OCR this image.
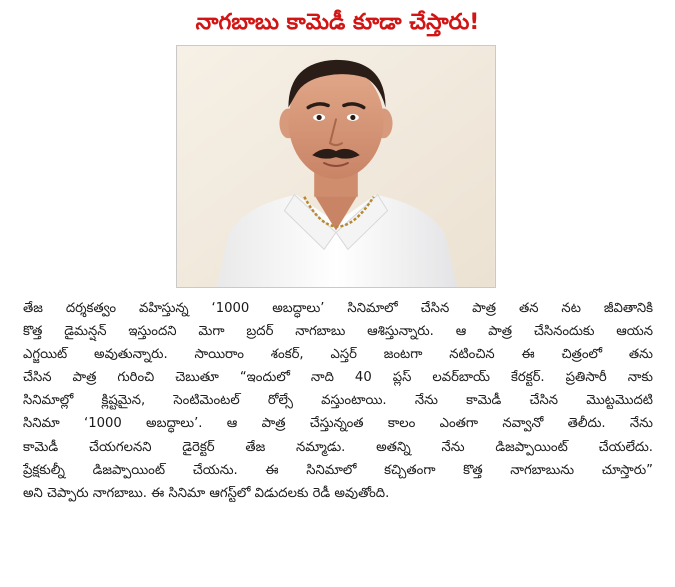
నాగబాబు కామెడీ కూడా చేస్తారు!
తేజ దర్శకత్వం వహిస్తున్న ‘1000 అబద్ధాలు’ సినిమాలో చేసిన పాత్ర తన నట జీవితానికి
కొత్త డైమన్షన్ ఇస్తుందని మెగా బ్రదర్ నాగబాబు ఆశిస్తున్నారు. ఆ పాత్ర చేసినందుకు ఆయన
ఎగ్జయిట్ అవుతున్నారు. సాయిరాం శంకర్, ఎస్తర్ జంటగా నటించిన ఈ చిత్రంలో తను
చేసిన పాత్ర గురించి చెబుతూ “ఇందులో నాది 40 ప్లస్ లవర్‌బాయ్ కేరక్టర్. ప్రతిసారీ నాకు
సినిమాల్లో క్లిష్టమైన, సెంటిమెంటల్ రోల్సే వస్తుంటాయి. నేను కామెడీ చేసిన మొట్టమొదటి
సినిమా ‘1000 అబద్ధాలు’. ఆ పాత్ర చేస్తున్నంత కాలం ఎంతగా నవ్వానో తెలీదు. నేను
కామెడీ చేయగలనని డైరెక్టర్ తేజ నమ్మాడు. అతన్ని నేను డిజప్పాయింట్ చేయలేదు.
ప్రేక్షకుల్నీ డిజప్పాయింట్ చేయను. ఈ సినిమాలో కచ్చితంగా కొత్త నాగబాబును చూస్తారు”
అని చెప్పారు నాగబాబు. ఈ సినిమా ఆగస్ట్‌లో విడుదలకు రెడీ అవుతోంది.
